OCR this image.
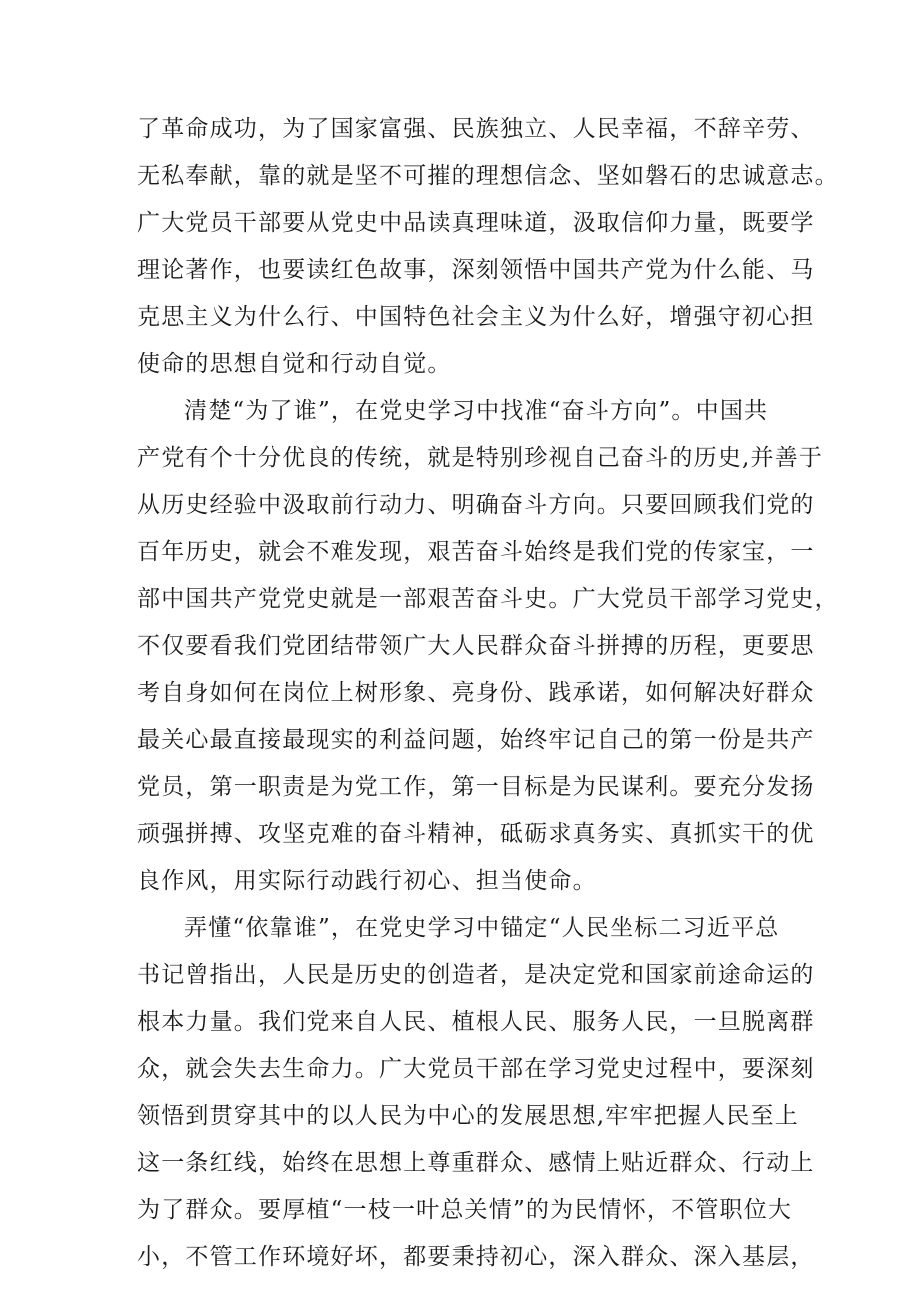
了革命成功，为了国家富强、民族独立、人民幸福，不辞辛劳、
无私奉献，靠的就是坚不可摧的理想信念、坚如磐石的忠诚意志。
广大党员干部要从党史中品读真理味道，汲取信仰力量，既要学
理论著作，也要读红色故事，深刻领悟中国共产党为什么能、马
克思主义为什么行、中国特色社会主义为什么好，增强守初心担
使命的思想自觉和行动自觉。
清楚“为了谁”，在党史学习中找准“奋斗方向”。中国共
产党有个十分优良的传统，就是特别珍视自己奋斗的历史,并善于
从历史经验中汲取前行动力、明确奋斗方向。只要回顾我们党的
百年历史，就会不难发现，艰苦奋斗始终是我们党的传家宝，一
部中国共产党党史就是一部艰苦奋斗史。广大党员干部学习党史，
不仅要看我们党团结带领广大人民群众奋斗拼搏的历程，更要思
考自身如何在岗位上树形象、亮身份、践承诺，如何解决好群众
最关心最直接最现实的利益问题，始终牢记自己的第一份是共产
党员，第一职责是为党工作，第一目标是为民谋利。要充分发扬
顽强拼搏、攻坚克难的奋斗精神，砥砺求真务实、真抓实干的优
良作风，用实际行动践行初心、担当使命。
弄懂“依靠谁”，在党史学习中锚定“人民坐标二习近平总
书记曾指出，人民是历史的创造者，是决定党和国家前途命运的
根本力量。我们党来自人民、植根人民、服务人民，一旦脱离群
众，就会失去生命力。广大党员干部在学习党史过程中，要深刻
领悟到贯穿其中的以人民为中心的发展思想,牢牢把握人民至上
这一条红线，始终在思想上尊重群众、感情上贴近群众、行动上
为了群众。要厚植“一枝一叶总关情”的为民情怀，不管职位大
小，不管工作环境好坏，都要秉持初心，深入群众、深入基层，
